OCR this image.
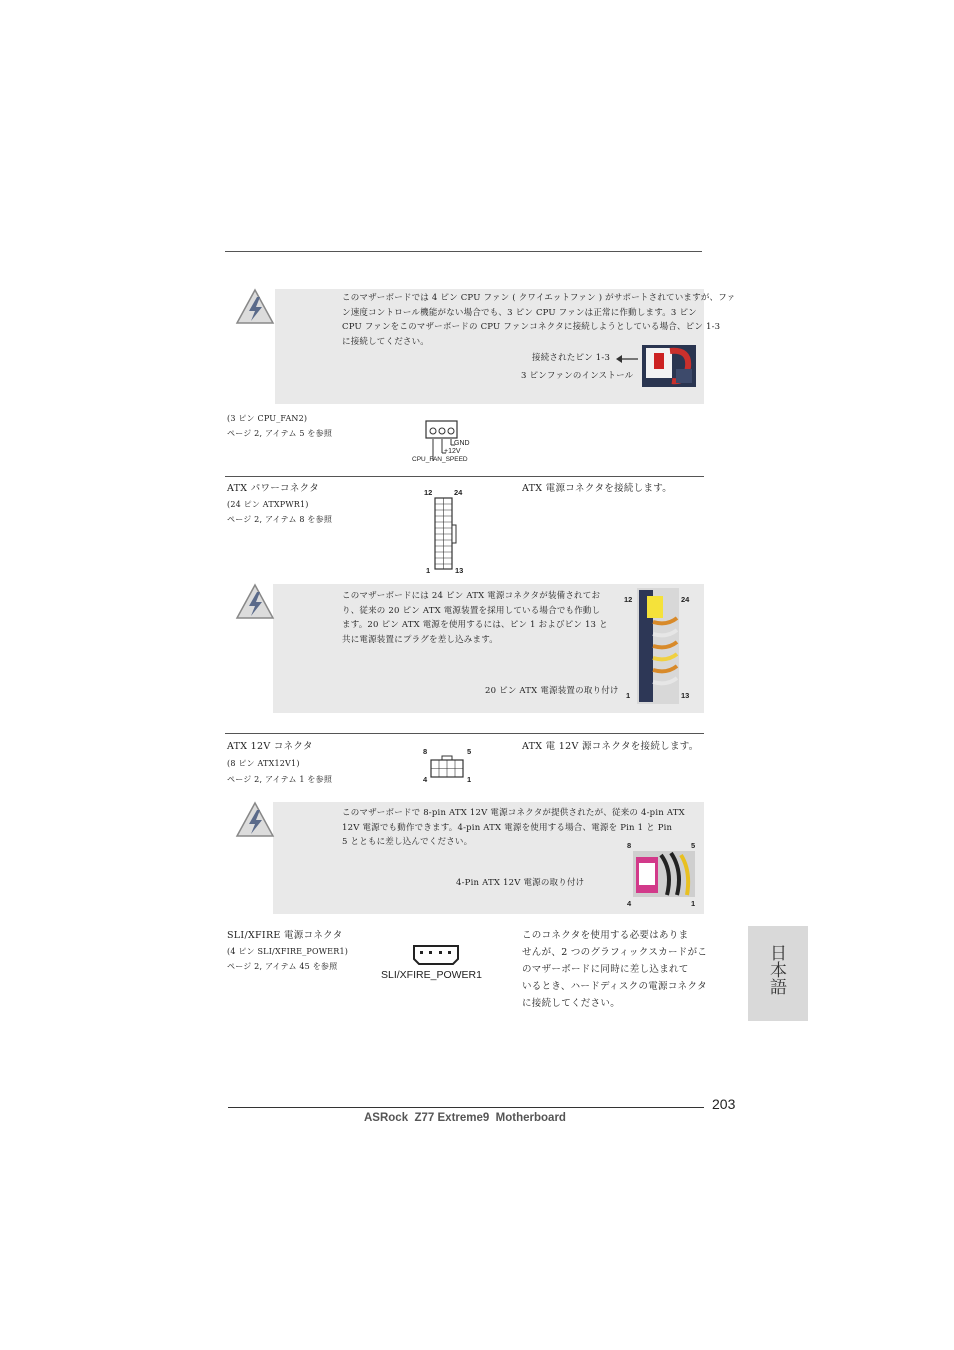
このマザーボードでは 4 ピン CPU ファン ( クワイエットファン ) がサポートされていますが、ファ
ン速度コントロール機能がない場合でも、3 ピン CPU ファンは正常に作動します。3 ピン
CPU ファンをこのマザーボードの CPU ファンコネクタに接続しようとしている場合、ピン 1-3
に接続してください。
接続されたピン 1-3
3 ピンファンのインストール
(3 ピン CPU_FAN2)
ページ 2, アイテム 5 を参照
GND
+12V
CPU_FAN_SPEED
ATX パワーコネクタ
(24 ピン ATXPWR1)
ページ 2, アイテム 8 を参照
12	24
1	13
ATX 電源コネクタを接続します。
このマザーボードには 24 ピン ATX 電源コネクタが装備されてお
り、従来の 20 ピン ATX 電源装置を採用している場合でも作動し
ます。20 ピン ATX 電源を使用するには、ピン 1 およびピン 13 と
共に電源装置にプラグを差し込みます。
20 ピン ATX 電源装置の取り付け
12	24
1	13
ATX 12V コネクタ
(8 ピン ATX12V1)
ページ 2, アイテム 1 を参照
8	5
4	1
ATX 電 12V 源コネクタを接続します。
このマザーボードで 8-pin ATX 12V 電源コネクタが提供されたが、従来の 4-pin ATX
12V 電源でも動作できます。4-pin ATX 電源を使用する場合、電源を Pin 1 と Pin
5 とともに差し込んでください。
4-Pin ATX 12V 電源の取り付け
8	5
4	1
SLI/XFIRE 電源コネクタ
(4 ピン SLI/XFIRE_POWER1)
ページ 2, アイテム 45 を参照
SLI/XFIRE_POWER1
このコネクタを使用する必要はありま
せんが、2 つのグラフィックスカードがこ
のマザーボードに同時に差し込まれて
いるとき、ハードディスクの電源コネクタ
に接続してください。
日本語
203
ASRock  Z77 Extreme9  Motherboard
